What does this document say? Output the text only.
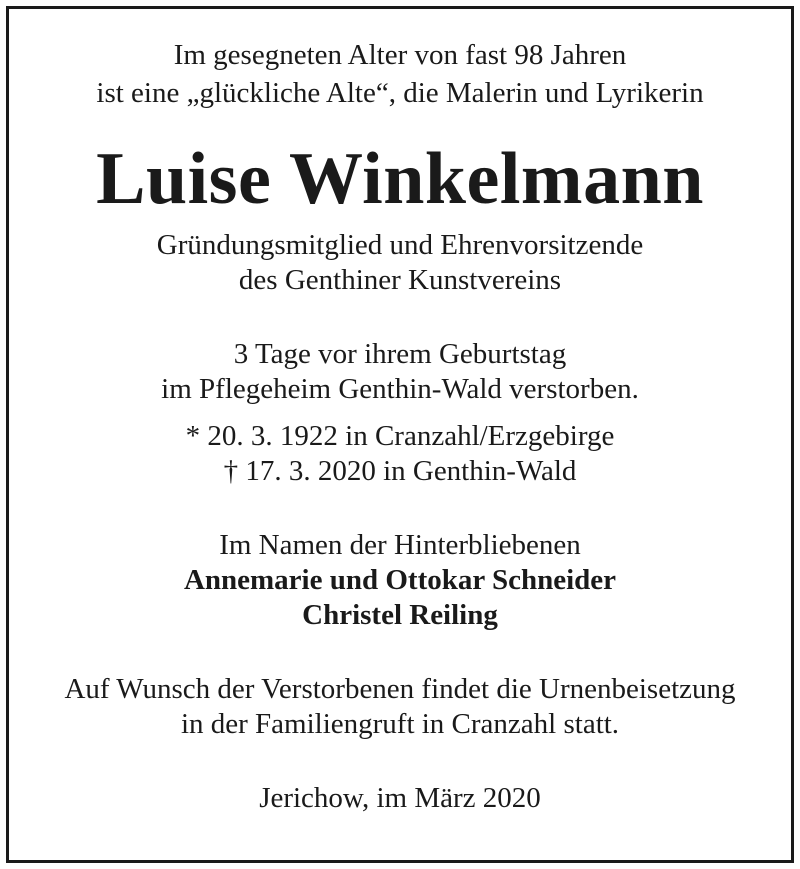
Im gesegneten Alter von fast 98 Jahren
ist eine „glückliche Alte“, die Malerin und Lyrikerin
Luise Winkelmann
Gründungsmitglied und Ehrenvorsitzende
des Genthiner Kunstvereins
3 Tage vor ihrem Geburtstag
im Pflegeheim Genthin-Wald verstorben.
* 20. 3. 1922 in Cranzahl/Erzgebirge
† 17. 3. 2020 in Genthin-Wald
Im Namen der Hinterbliebenen
Annemarie und Ottokar Schneider
Christel Reiling
Auf Wunsch der Verstorbenen findet die Urnenbeisetzung
in der Familiengruft in Cranzahl statt.
Jerichow, im März 2020
